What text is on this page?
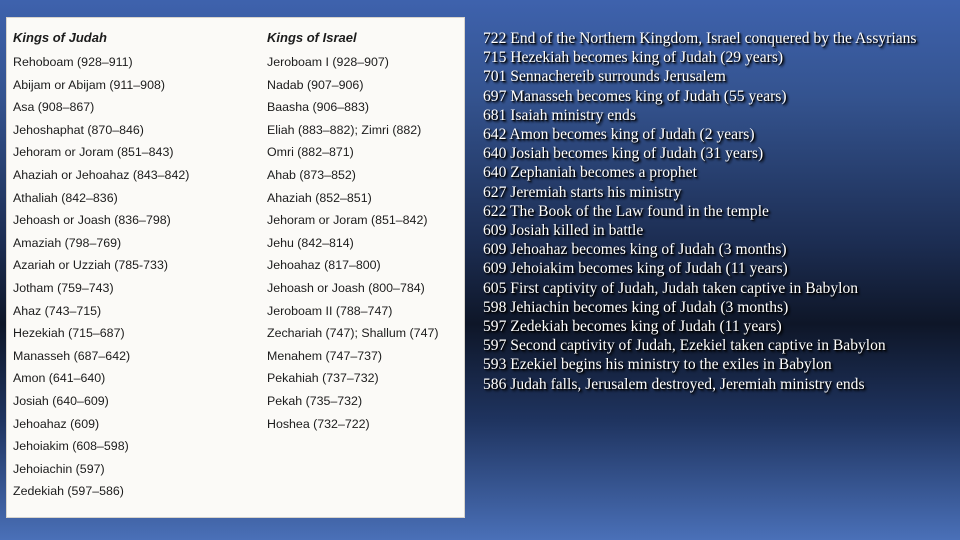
Kings of Judah
Rehoboam (928–911)
Abijam or Abijam (911–908)
Asa (908–867)
Jehoshaphat (870–846)
Jehoram or Joram (851–843)
Ahaziah or Jehoahaz (843–842)
Athaliah (842–836)
Jehoash or Joash (836–798)
Amaziah (798–769)
Azariah or Uzziah (785-733)
Jotham (759–743)
Ahaz (743–715)
Hezekiah (715–687)
Manasseh (687–642)
Amon (641–640)
Josiah (640–609)
Jehoahaz (609)
Jehoiakim (608–598)
Jehoiachin (597)
Zedekiah (597–586)
Kings of Israel
Jeroboam I (928–907)
Nadab (907–906)
Baasha (906–883)
Eliah (883–882); Zimri (882)
Omri (882–871)
Ahab (873–852)
Ahaziah (852–851)
Jehoram or Joram (851–842)
Jehu (842–814)
Jehoahaz (817–800)
Jehoash or Joash (800–784)
Jeroboam II (788–747)
Zechariah (747); Shallum (747)
Menahem (747–737)
Pekahiah (737–732)
Pekah (735–732)
Hoshea (732–722)

722 End of the Northern Kingdom, Israel conquered by the Assyrians

715 Hezekiah becomes king of Judah (29 years)

701 Sennachereib surrounds Jerusalem

697 Manasseh becomes king of Judah (55 years)

681 Isaiah ministry ends

642 Amon becomes king of Judah (2 years)

640 Josiah becomes king of Judah (31 years)

640 Zephaniah becomes a prophet

627 Jeremiah starts his ministry

622 The Book of the Law found in the temple

609 Josiah killed in battle

609 Jehoahaz becomes king of Judah (3 months)

609 Jehoiakim becomes king of Judah (11 years)

605 First captivity of Judah, Judah taken captive in Babylon

598 Jehiachin becomes king of Judah (3 months)

597 Zedekiah becomes king of Judah (11 years)

597 Second captivity of Judah, Ezekiel taken captive in Babylon

593 Ezekiel begins his ministry to the exiles in Babylon

586 Judah falls, Jerusalem destroyed, Jeremiah ministry ends
